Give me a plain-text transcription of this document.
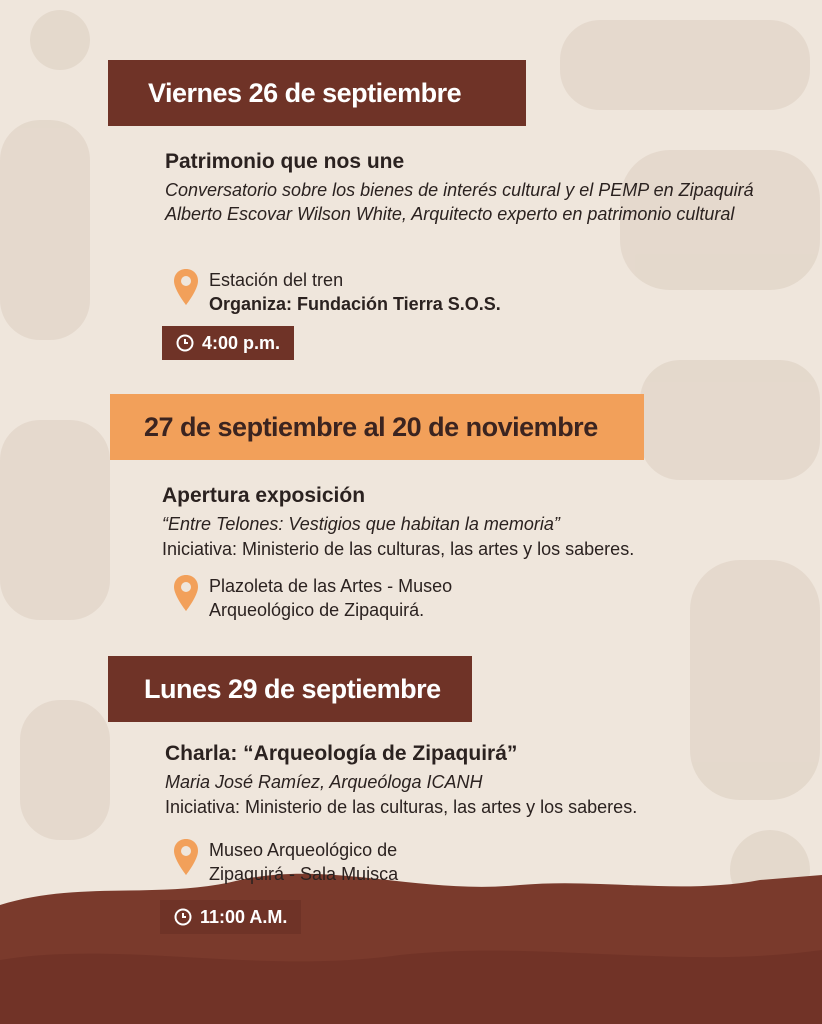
Viernes 26 de septiembre
Patrimonio que nos une
Conversatorio sobre los bienes de interés cultural y el PEMP en Zipaquirá Alberto Escovar Wilson White, Arquitecto experto en patrimonio cultural
Estación del tren
Organiza: Fundación Tierra S.O.S.
4:00 p.m.
27 de septiembre al 20 de noviembre
Apertura exposición
“Entre Telones: Vestigios que habitan la memoria”
Iniciativa: Ministerio de las culturas, las artes y los saberes.
Plazoleta de las Artes - Museo
Arqueológico de Zipaquirá.
Lunes 29 de septiembre
Charla: “Arqueología de Zipaquirá”
Maria José Ramíez, Arqueóloga ICANH
Iniciativa: Ministerio de las culturas, las artes y los saberes.
Museo Arqueológico de
Zipaquirá - Sala Muisca
11:00 A.M.
